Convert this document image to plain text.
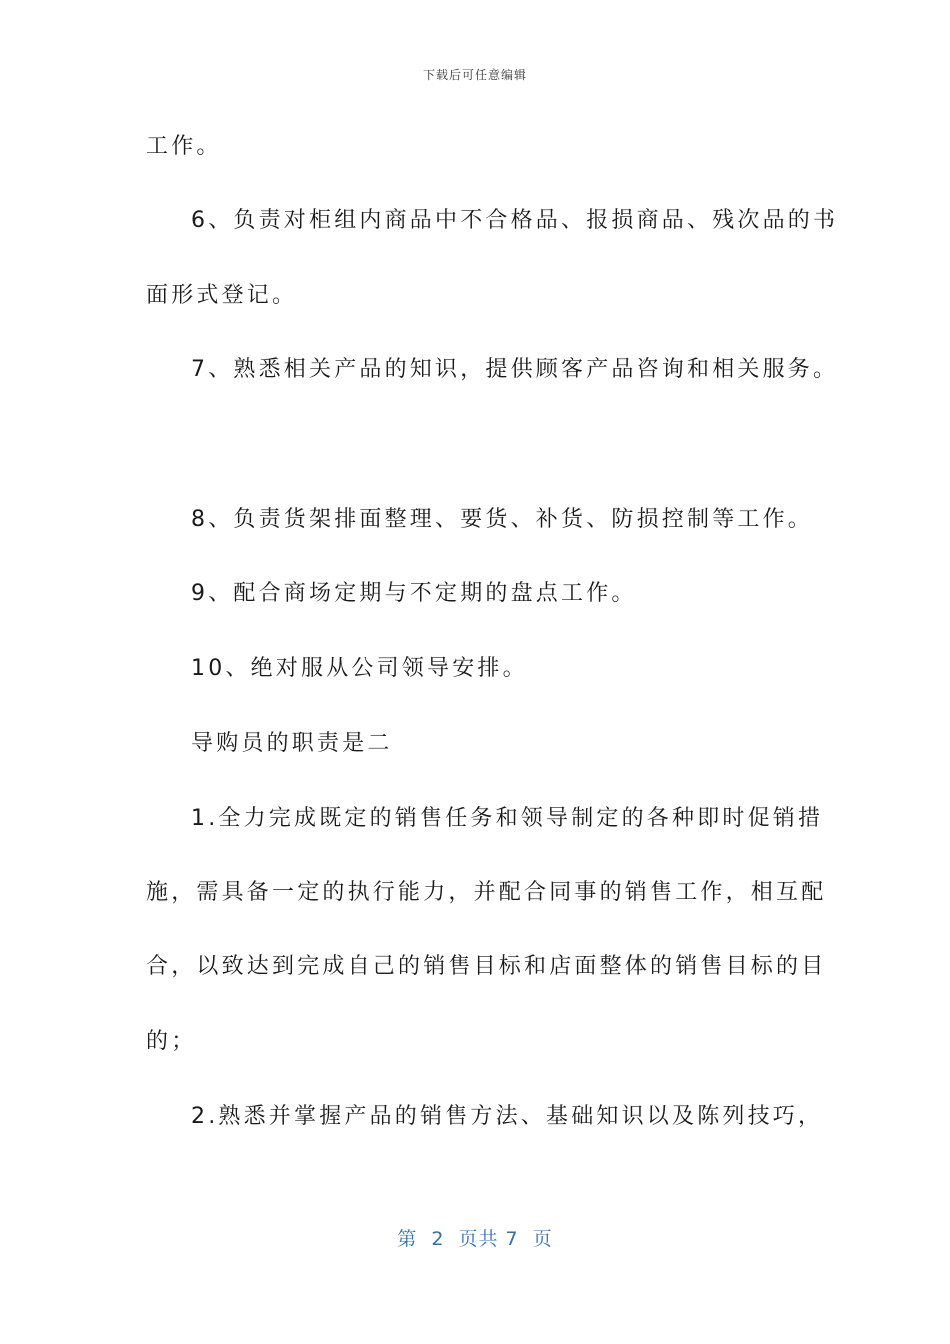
下载后可任意编辑
工作。
6、负责对柜组内商品中不合格品、报损商品、残次品的书
面形式登记。
7、熟悉相关产品的知识，提供顾客产品咨询和相关服务。
8、负责货架排面整理、要货、补货、防损控制等工作。
9、配合商场定期与不定期的盘点工作。
10、绝对服从公司领导安排。
导购员的职责是二
1.全力完成既定的销售任务和领导制定的各种即时促销措
施，需具备一定的执行能力，并配合同事的销售工作，相互配
合，以致达到完成自己的销售目标和店面整体的销售目标的目
的；
2.熟悉并掌握产品的销售方法、基础知识以及陈列技巧，
第  2  页共 7  页
